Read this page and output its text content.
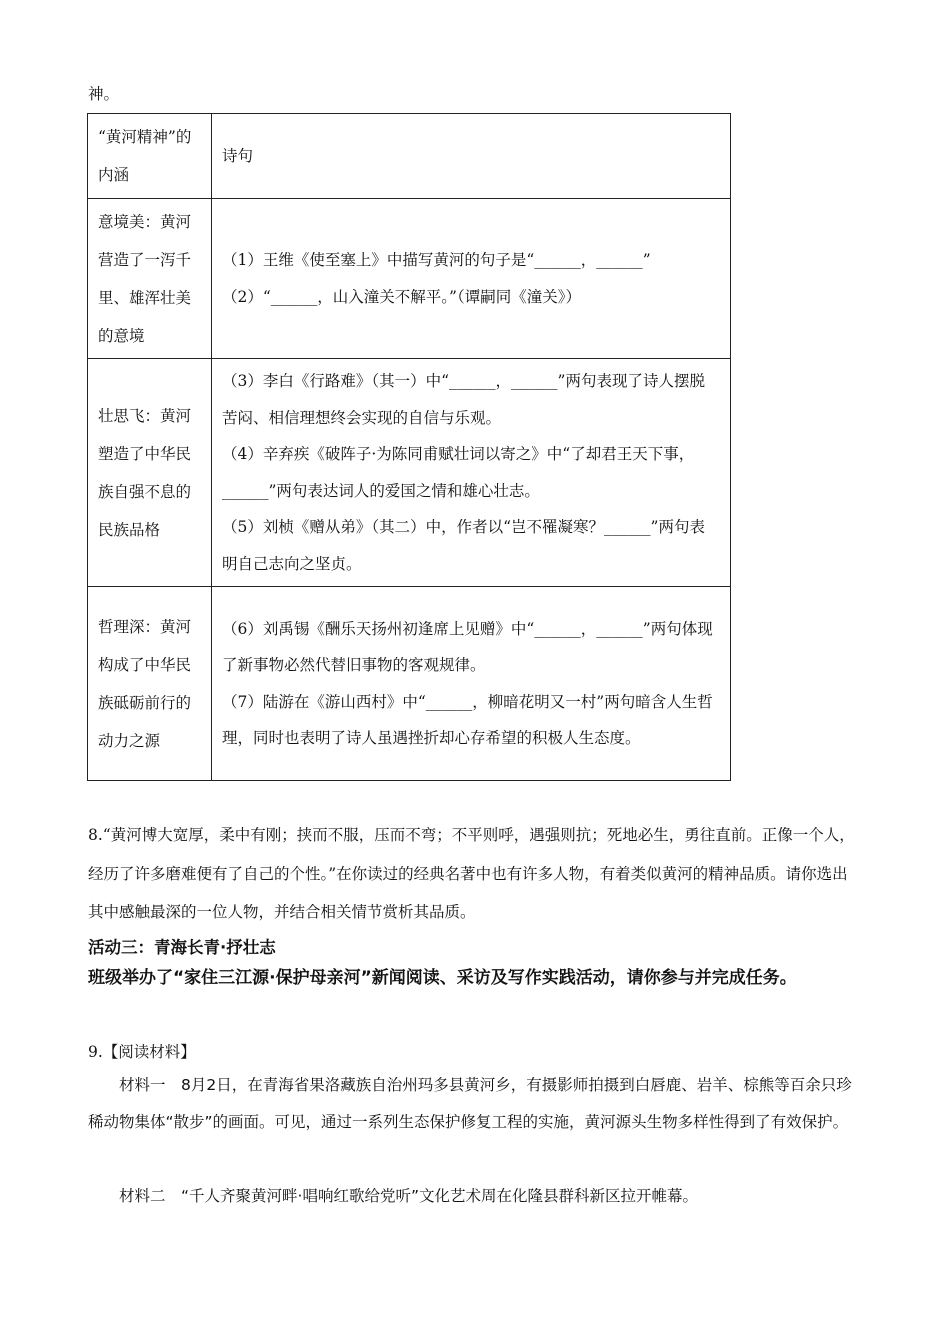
神。
“黄河精神”的内涵	诗句
意境美：黄河营造了一泻千里、雄浑壮美的意境	（1）王维《使至塞上》中描写黄河的句子是“______，______”
（2）“______，山入潼关不解平。”（谭嗣同《潼关》）

壮思飞：黄河塑造了中华民族自强不息的民族品格	（3）李白《行路难》（其一）中“______，______”两句表现了诗人摆脱苦闷、相信理想终会实现的自信与乐观。
（4）辛弃疾《破阵子·为陈同甫赋壮词以寄之》中“了却君王天下事，______”两句表达词人的爱国之情和雄心壮志。
（5）刘桢《赠从弟》（其二）中，作者以“岂不罹凝寒？______”两句表明自己志向之坚贞。

哲理深：黄河构成了中华民族砥砺前行的动力之源	（6）刘禹锡《酬乐天扬州初逢席上见赠》中“______，______”两句体现了新事物必然代替旧事物的客观规律。
（7）陆游在《游山西村》中“______，柳暗花明又一村”两句暗含人生哲理，同时也表明了诗人虽遇挫折却心存希望的积极人生态度。
8.“黄河博大宽厚，柔中有刚；挟而不服，压而不弯；不平则呼，遇强则抗；死地必生，勇往直前。正像一个人，经历了许多磨难便有了自己的个性。”在你读过的经典名著中也有许多人物，有着类似黄河的精神品质。请你选出其中感触最深的一位人物，并结合相关情节赏析其品质。
活动三：青海长青·抒壮志
班级举办了“家住三江源·保护母亲河”新闻阅读、采访及写作实践活动，请你参与并完成任务。
9.【阅读材料】
材料一　8月2日，在青海省果洛藏族自治州玛多县黄河乡，有摄影师拍摄到白唇鹿、岩羊、棕熊等百余只珍稀动物集体“散步”的画面。可见，通过一系列生态保护修复工程的实施，黄河源头生物多样性得到了有效保护。
材料二　“千人齐聚黄河畔·唱响红歌给党听”文化艺术周在化隆县群科新区拉开帷幕。
